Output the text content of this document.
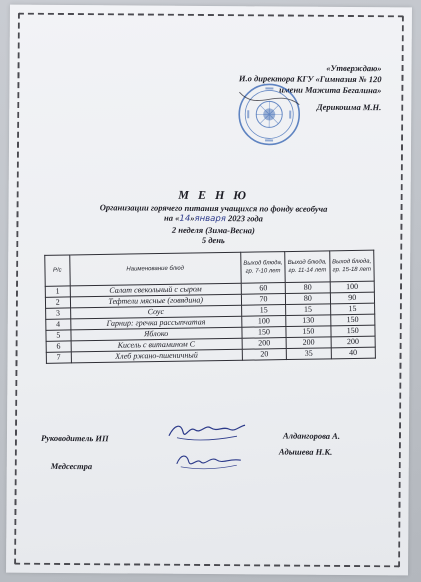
«Утверждаю»
И.о директора КГУ «Гимназия № 120
имени Мажита Бегалина»
Дерикошма М.Н.
М Е Н Ю
Организации горячего питания учащихся по фонду всеобуча
на «14»января 2023 года
2 неделя (Зима-Весна)
5 день
Р/с	Наименование блюд	Выход блюда, гр. 7-10 лет	Выход блюда, гр. 11-14 лет	Выход блюда, гр. 15-18 лет
1	Салат свекольный с сыром	60	80	100
2	Тефтели мясные (говядина)	70	80	90
3	Соус	15	15	15
4	Гарнир: гречка рассыпчатая	100	130	150
5	Яблоко	150	150	150
6	Кисель с витамином С	200	200	200
7	Хлеб ржано-пшеничный	20	35	40
Руководитель ИП	Алдангорова А.
Медсестра
Адышева Н.К.
